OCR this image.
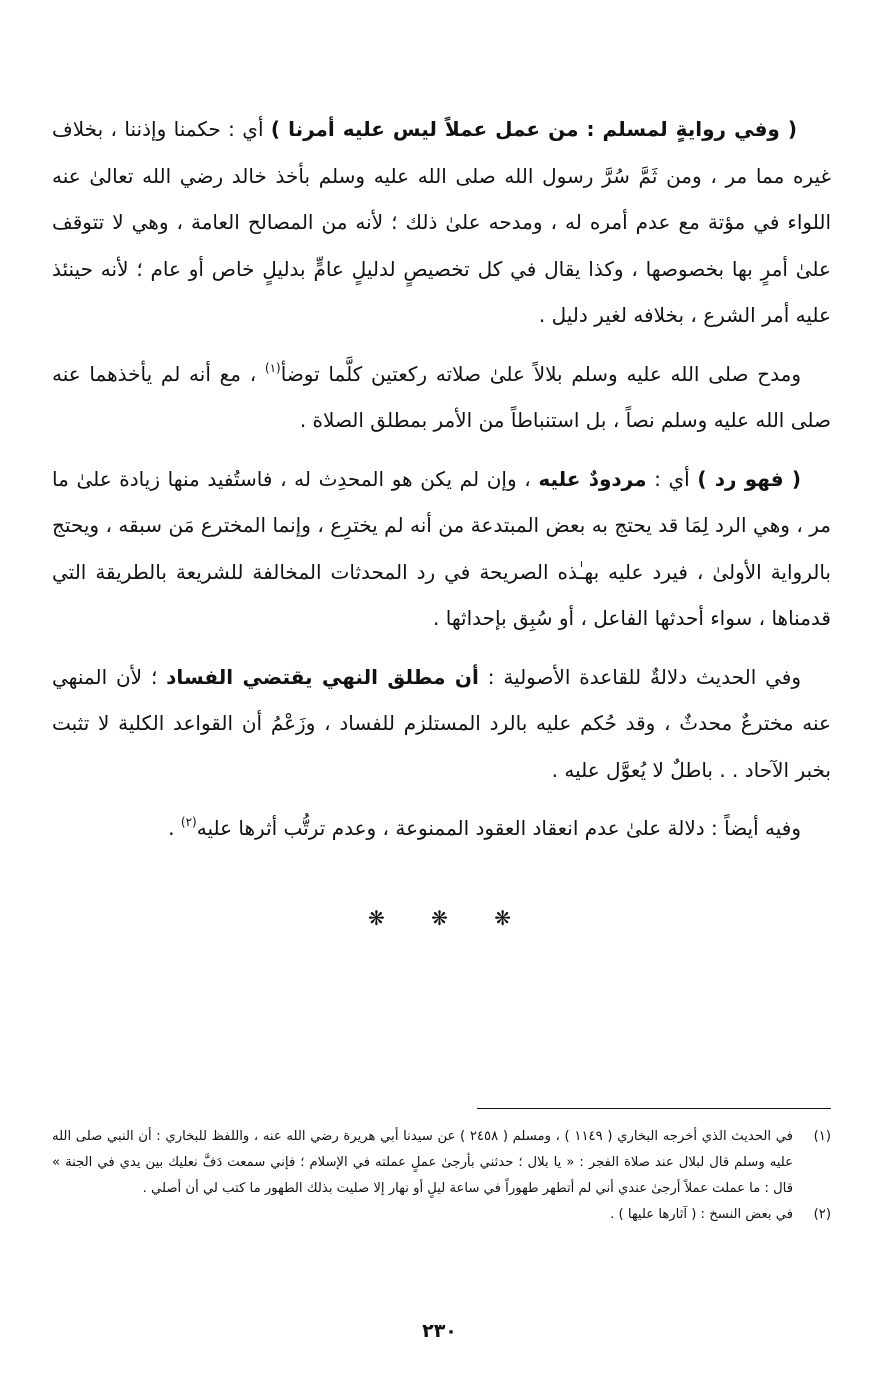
( وفي روايةٍ لمسلم : من عمل عملاً ليس عليه أمرنا ) أي : حكمنا وإذننا ، بخلاف غيره مما مر ، ومن ثَمَّ سُرَّ رسول الله صلى الله عليه وسلم بأخذ خالد رضي الله تعالىٰ عنه اللواء في مؤتة مع عدم أمره له ، ومدحه علىٰ ذلك ؛ لأنه من المصالح العامة ، وهي لا تتوقف علىٰ أمرٍ بها بخصوصها ، وكذا يقال في كل تخصيصٍ لدليلٍ عامٍّ بدليلٍ خاص أو عام ؛ لأنه حينئذ عليه أمر الشرع ، بخلافه لغير دليل .

ومدح صلى الله عليه وسلم بلالاً علىٰ صلاته ركعتين كلَّما توضأ$^{(١)}$ ، مع أنه لم يأخذهما عنه صلى الله عليه وسلم نصاً ، بل استنباطاً من الأمر بمطلق الصلاة .

( فهو رد ) أي : مردودٌ عليه ، وإن لم يكن هو المحدِث له ، فاستُفيد منها زيادة علىٰ ما مر ، وهي الرد لِمَا قد يحتج به بعض المبتدعة من أنه لم يخترِع ، وإنما المخترع مَن سبقه ، ويحتج بالرواية الأولىٰ ، فيرد عليه بهـٰذه الصريحة في رد المحدثات المخالفة للشريعة بالطريقة التي قدمناها ، سواء أحدثها الفاعل ، أو سُبِق بإحداثها .

وفي الحديث دلالةٌ للقاعدة الأصولية : أن مطلق النهي يقتضي الفساد ؛ لأن المنهي عنه مخترعٌ محدثٌ ، وقد حُكم عليه بالرد المستلزم للفساد ، وزَعْمُ أن القواعد الكلية لا تثبت بخبر الآحاد . . باطلٌ لا يُعوَّل عليه .

وفيه أيضاً : دلالة علىٰ عدم انعقاد العقود الممنوعة ، وعدم ترتُّب أثرها عليه$^{(٢)}$ .

❋ ❋ ❋
(١)
في الحديث الذي أخرجه البخاري ( ١١٤٩ ) ، ومسلم ( ٢٤٥٨ ) عن سيدنا أبي هريرة رضي الله عنه ، واللفظ للبخاري : أن النبي صلى الله عليه وسلم قال لبلال عند صلاة الفجر : « يا بلال ؛ حدثني بأرجىٰ عملٍ عملته في الإسلام ؛ فإني سمعت دَفَّ نعليك بين يدي في الجنة » قال : ما عملت عملاً أرجىٰ عندي أني لم أتطهر طهوراً في ساعة ليلٍ أو نهار إلا صليت بذلك الطهور ما كتب لي أن أصلي .
(٢)
في بعض النسخ : ( آثارها عليها ) .
٢٣٠
